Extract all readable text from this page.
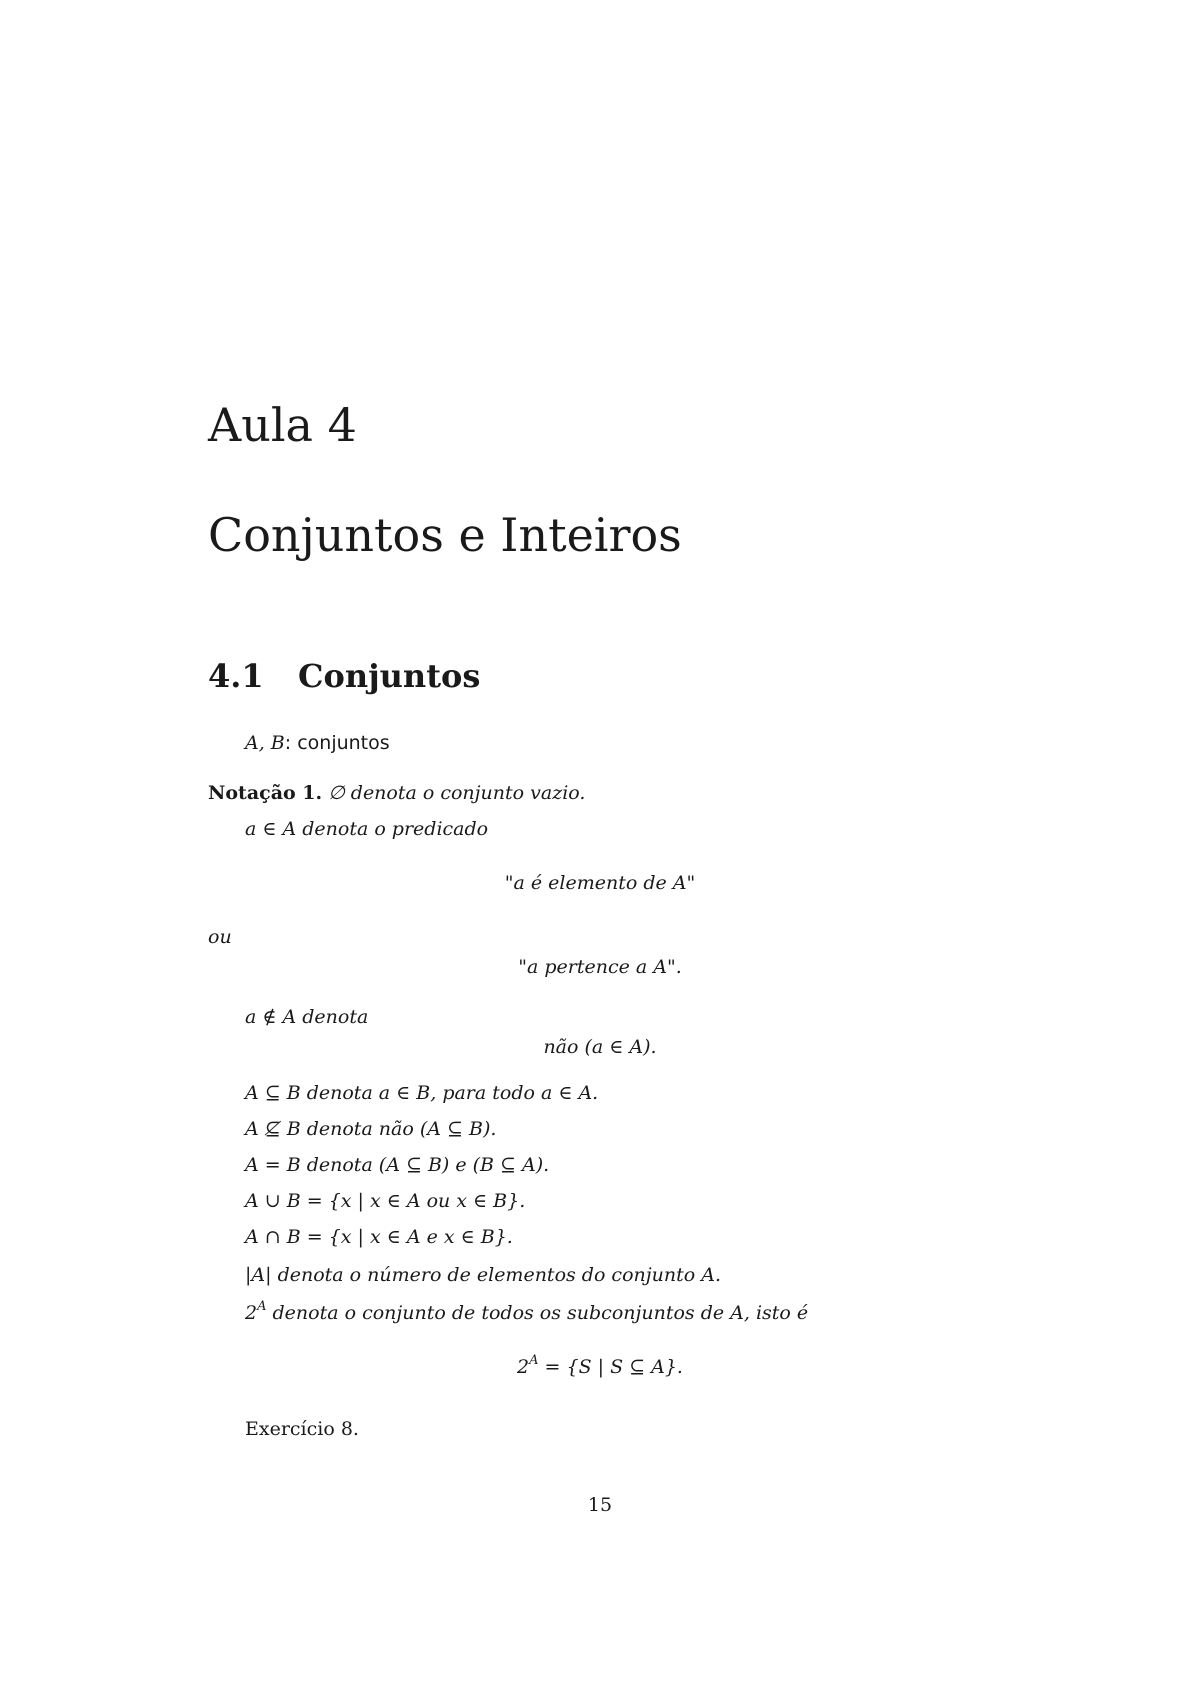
Aula 4
Conjuntos e Inteiros
4.1 Conjuntos
A, B: conjuntos
Notação 1. ∅ denota o conjunto vazio.
a ∈ A denota o predicado
"a é elemento de A"
ou
"a pertence a A".
a ∉ A denota
não (a ∈ A).
A ⊆ B denota a ∈ B, para todo a ∈ A.
A ⊈ B denota não (A ⊆ B).
A = B denota (A ⊆ B) e (B ⊆ A).
A ∪ B = {x | x ∈ A ou x ∈ B}.
A ∩ B = {x | x ∈ A e x ∈ B}.
|A| denota o número de elementos do conjunto A.
$2^A$ denota o conjunto de todos os subconjuntos de A, isto é
$2^A = \{S$ | S ⊆ A}.
Exercício 8.
15
